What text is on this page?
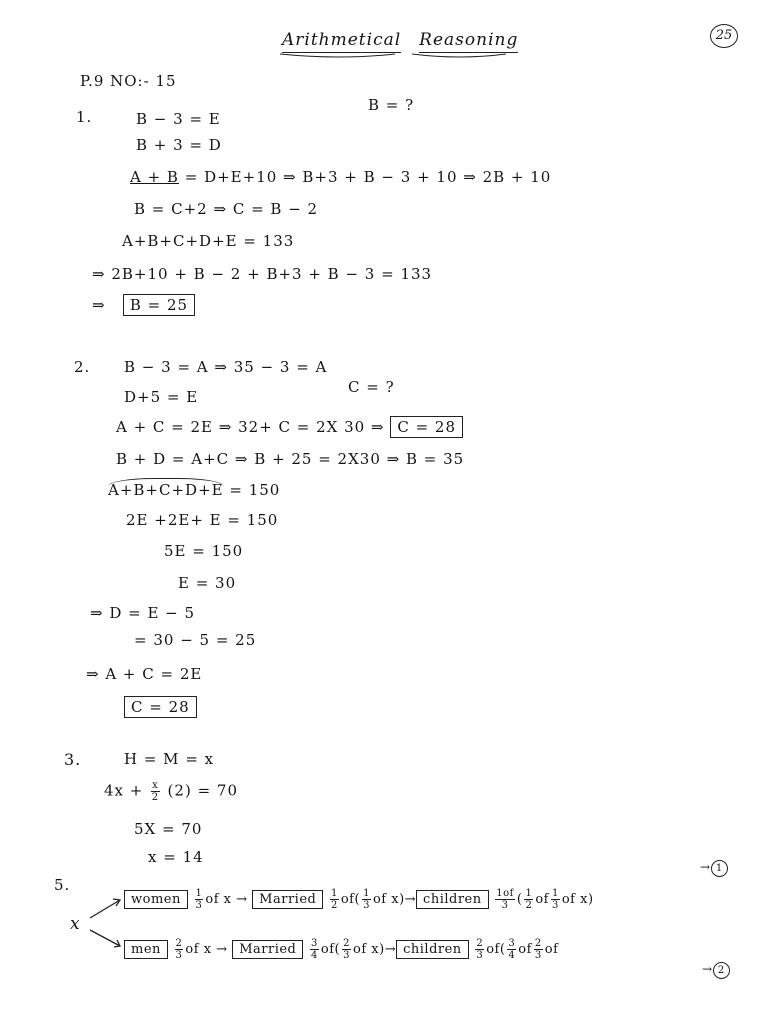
Arithmetical Reasoning	25
P.9 NO:- 15
1.
B = ?
B − 3 = E
B + 3 = D
A + B = D+E+10 ⇒ B+3 + B − 3 + 10 ⇒ 2B + 10
B = C+2 ⇒ C = B − 2
A+B+C+D+E = 133
⇒ 2B+10 + B − 2 + B+3 + B − 3 = 133
⇒ B = 25
2. B − 3 = A ⇒ 35 − 3 = A
C = ?
D+5 = E
A + C = 2E ⇒ 32+ C = 2X 30 ⇒ C = 28
B + D = A+C ⇒ B + 25 = 2X30 ⇒ B = 35
A+B+C+D+E = 150
2E +2E+ E = 150
5E = 150
E = 30
⇒ D = E − 5
= 30 − 5 = 25
⇒ A + C = 2E
C = 28
3.	H = M = x
$4x + \frac{x}{2} (2) = 70$
5X = 70
x = 14
5.
x
women $\frac{1}{3}$ of x → Married $\frac{1}{2} of( \frac{1}{3}$ of x)→ children $\frac{1of}{3}$ ( $\frac{1}{2}$ of $\frac{1}{3}$ of x)
men $\frac{2}{3}$ of x → Married $\frac{3}{4} of( \frac{2}{3}$ of x)→ children $\frac{2}{3} of( \frac{3}{4}$ of $\frac{2}{3}$ of
→ 1
→ 2
